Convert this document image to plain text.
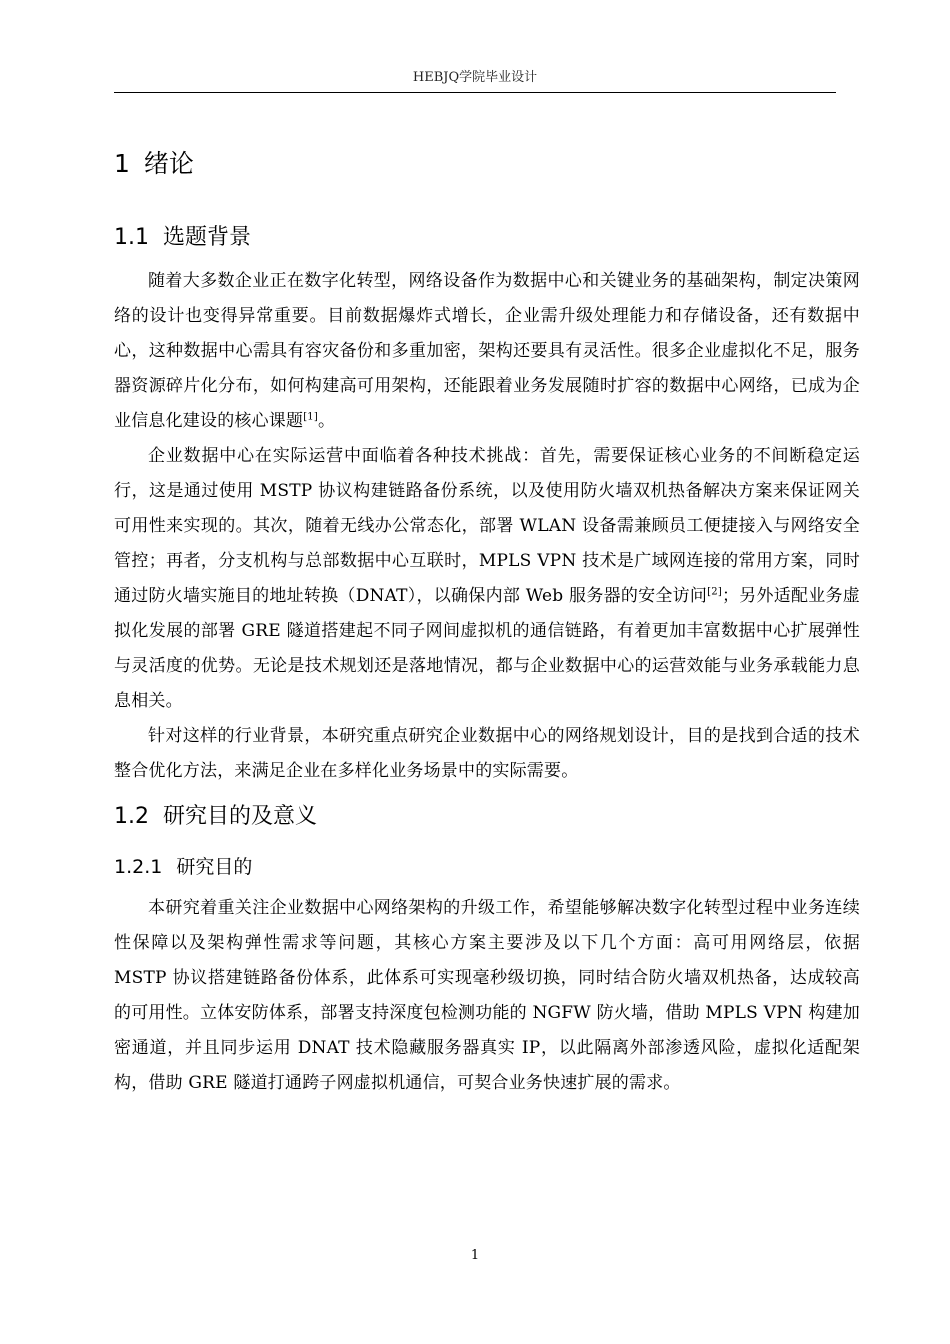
HEBJQ学院毕业设计
1 绪论
1.1 选题背景

随着大多数企业正在数字化转型，网络设备作为数据中心和关键业务的基础架构，制定决策网络的设计也变得异常重要。目前数据爆炸式增长，企业需升级处理能力和存储设备，还有数据中心，这种数据中心需具有容灾备份和多重加密，架构还要具有灵活性。很多企业虚拟化不足，服务器资源碎片化分布，如何构建高可用架构，还能跟着业务发展随时扩容的数据中心网络，已成为企业信息化建设的核心课题[1]。

企业数据中心在实际运营中面临着各种技术挑战：首先，需要保证核心业务的不间断稳定运行，这是通过使用 MSTP 协议构建链路备份系统，以及使用防火墙双机热备解决方案来保证网关可用性来实现的。其次，随着无线办公常态化，部署 WLAN 设备需兼顾员工便捷接入与网络安全管控；再者，分支机构与总部数据中心互联时，MPLS VPN 技术是广域网连接的常用方案，同时通过防火墙实施目的地址转换（DNAT），以确保内部 Web 服务器的安全访问[2]；另外适配业务虚拟化发展的部署 GRE 隧道搭建起不同子网间虚拟机的通信链路，有着更加丰富数据中心扩展弹性与灵活度的优势。无论是技术规划还是落地情况，都与企业数据中心的运营效能与业务承载能力息息相关。

针对这样的行业背景，本研究重点研究企业数据中心的网络规划设计，目的是找到合适的技术整合优化方法，来满足企业在多样化业务场景中的实际需要。

1.2 研究目的及意义
1.2.1 研究目的

本研究着重关注企业数据中心网络架构的升级工作，希望能够解决数字化转型过程中业务连续性保障以及架构弹性需求等问题，其核心方案主要涉及以下几个方面：高可用网络层，依据 MSTP 协议搭建链路备份体系，此体系可实现毫秒级切换，同时结合防火墙双机热备，达成较高的可用性。立体安防体系，部署支持深度包检测功能的 NGFW 防火墙，借助 MPLS VPN 构建加密通道，并且同步运用 DNAT 技术隐藏服务器真实 IP，以此隔离外部渗透风险，虚拟化适配架构，借助 GRE 隧道打通跨子网虚拟机通信，可契合业务快速扩展的需求。

1
